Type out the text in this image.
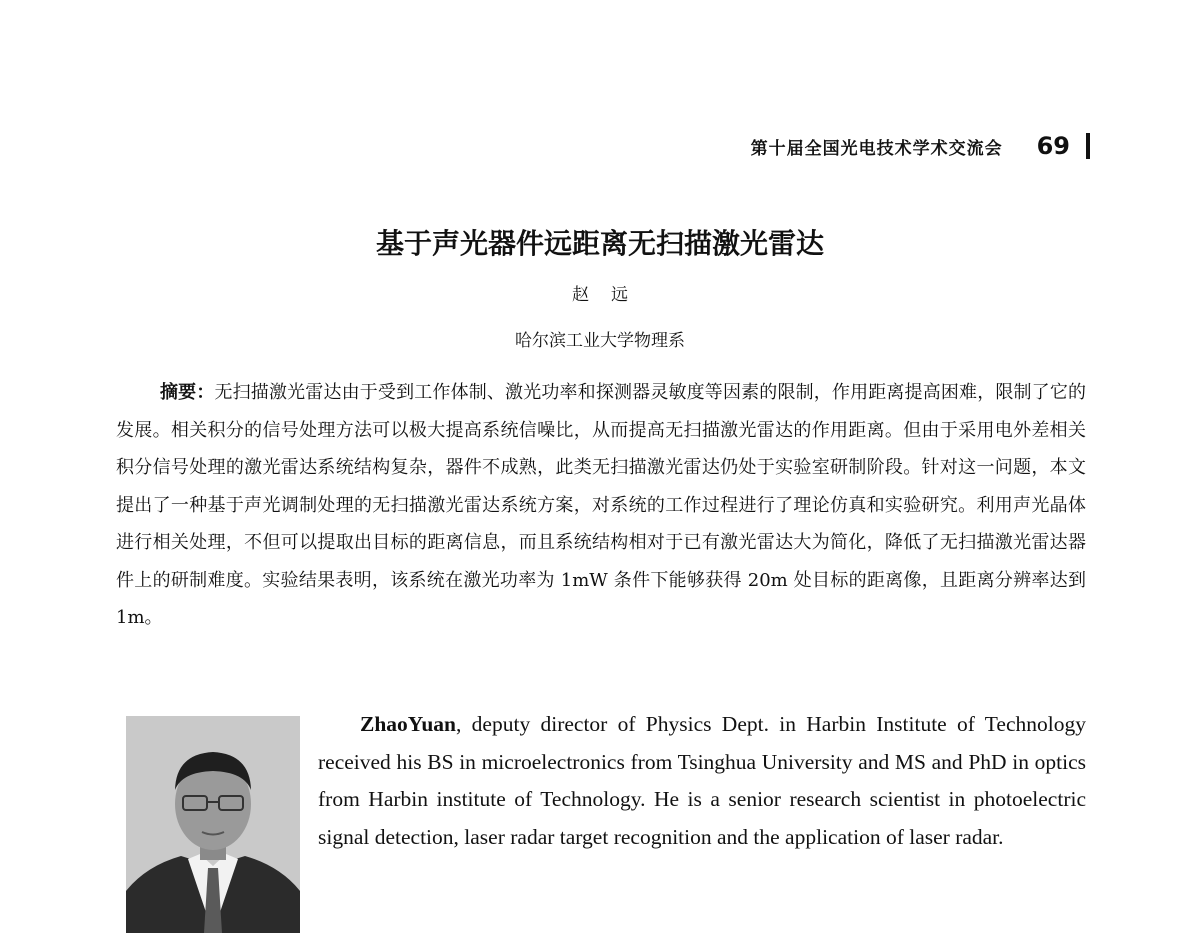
第十届全国光电技术学术交流会 69
基于声光器件远距离无扫描激光雷达
赵远
哈尔滨工业大学物理系

摘要：无扫描激光雷达由于受到工作体制、激光功率和探测器灵敏度等因素的限制，作用距离提高困难，限制了它的发展。相关积分的信号处理方法可以极大提高系统信噪比，从而提高无扫描激光雷达的作用距离。但由于采用电外差相关积分信号处理的激光雷达系统结构复杂，器件不成熟，此类无扫描激光雷达仍处于实验室研制阶段。针对这一问题，本文提出了一种基于声光调制处理的无扫描激光雷达系统方案，对系统的工作过程进行了理论仿真和实验研究。利用声光晶体进行相关处理，不但可以提取出目标的距离信息，而且系统结构相对于已有激光雷达大为简化，降低了无扫描激光雷达器件上的研制难度。实验结果表明，该系统在激光功率为 1mW 条件下能够获得 20m 处目标的距离像，且距离分辨率达到 1m。

ZhaoYuan, deputy director of Physics Dept. in Harbin Institute of Technology received his BS in microelectronics from Tsinghua University and MS and PhD in optics from Harbin institute of Technology. He is a senior research scientist in photoelectric signal detection, laser radar target recognition and the application of laser radar.
